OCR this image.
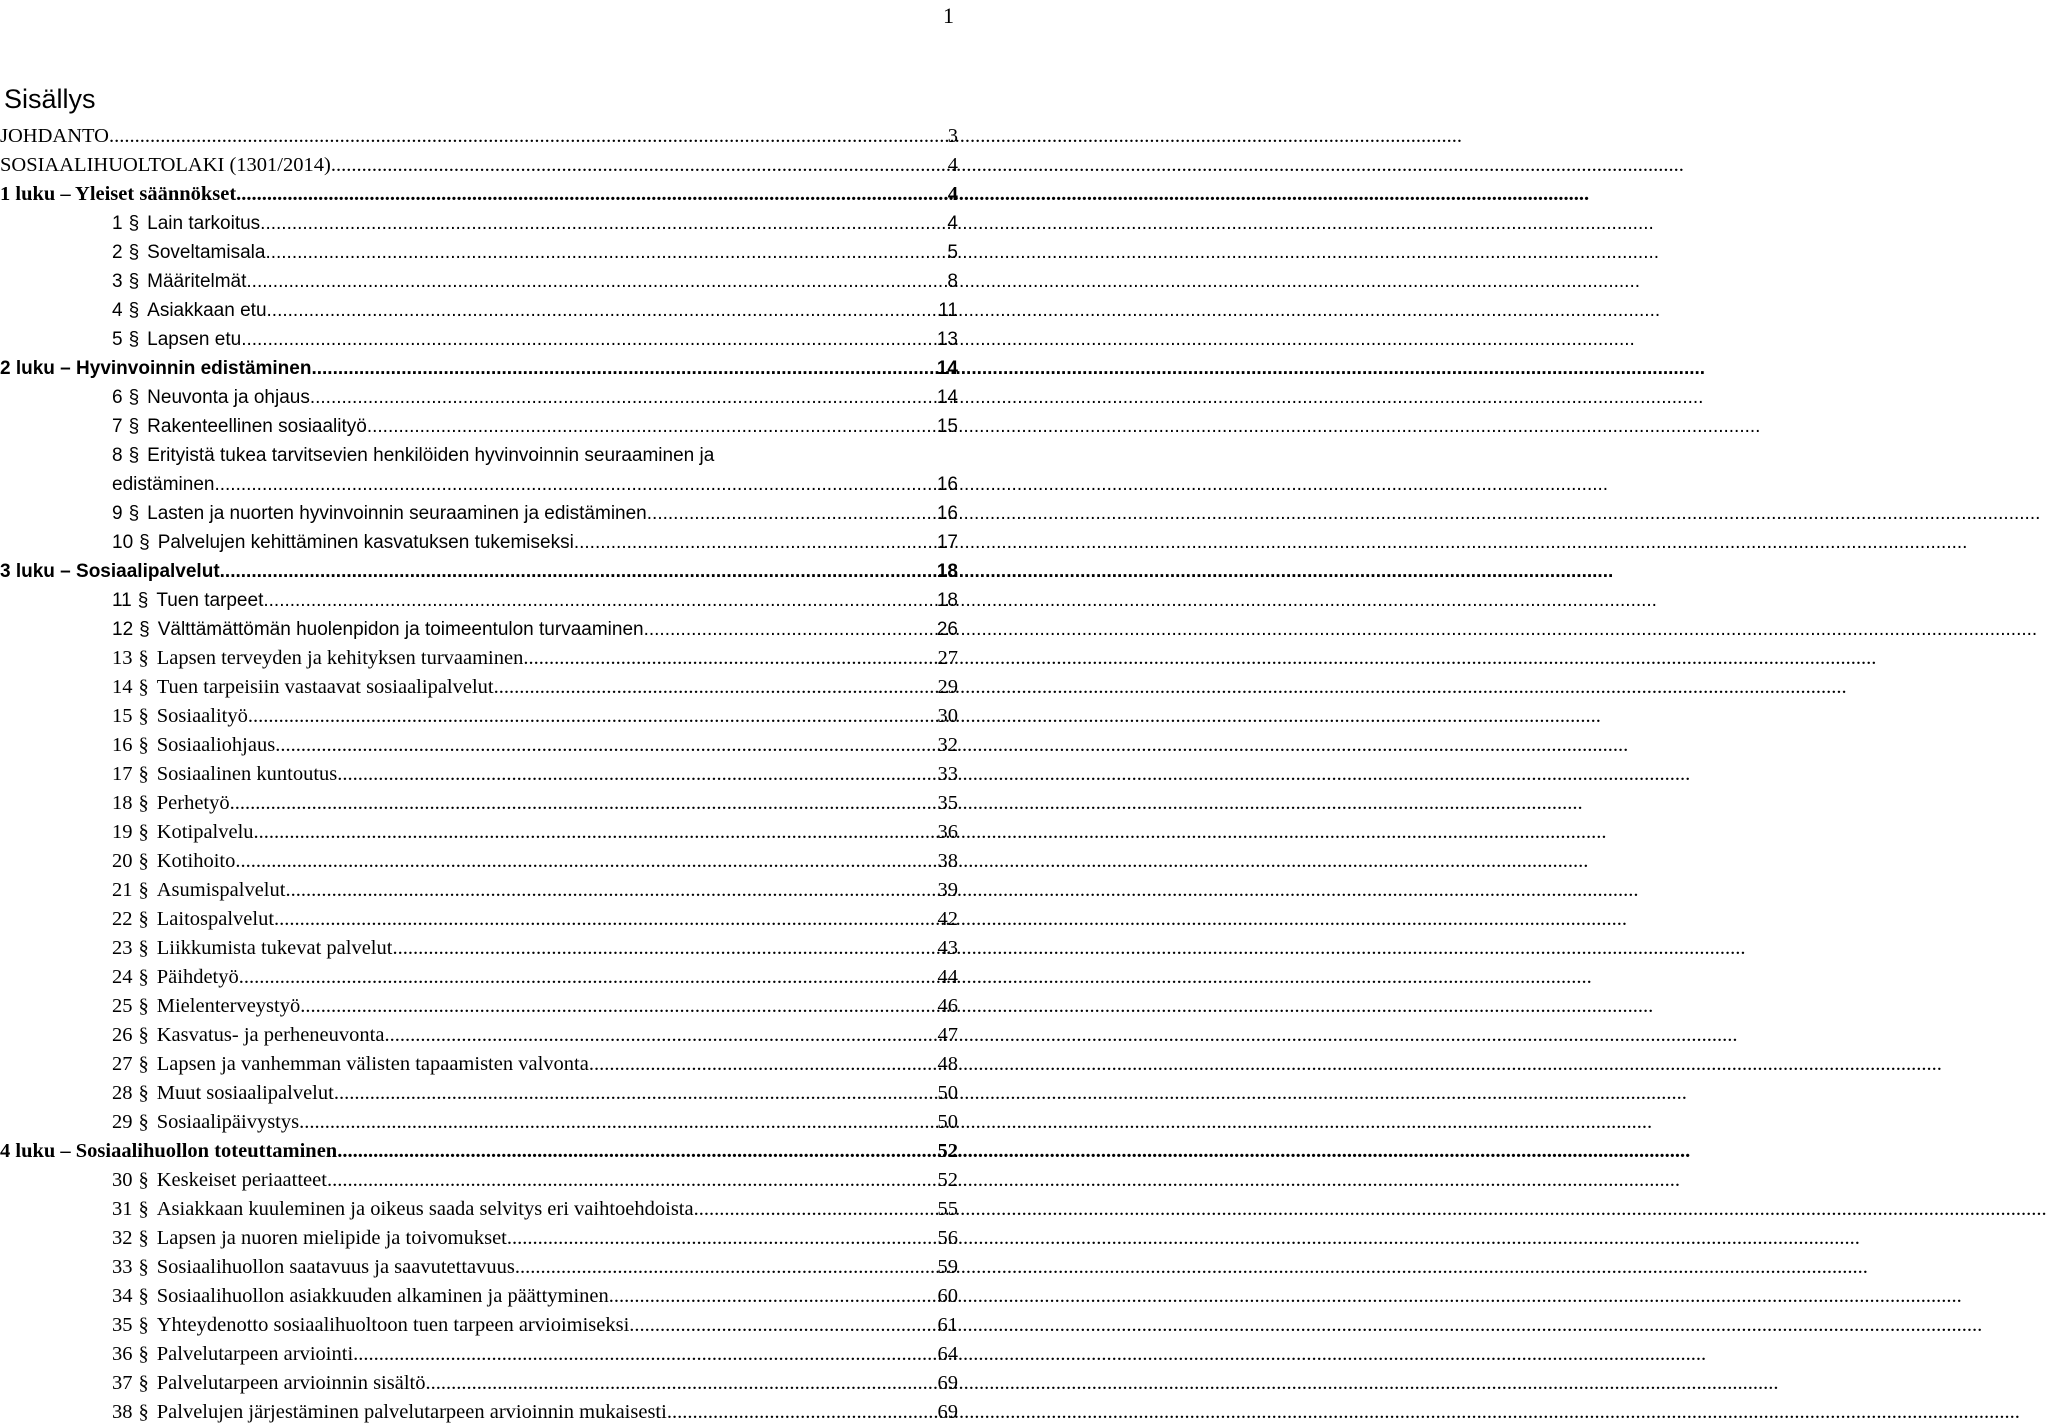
1
Sisällys
JOHDANTO .....	3
SOSIAALIHUOLTOLAKI (1301/2014) .....	4
1 luku – Yleiset säännökset .....	4
1 § Lain tarkoitus .....	4
2 § Soveltamisala .....	5
3 § Määritelmät .....	8
4 § Asiakkaan etu .....	11
5 § Lapsen etu .....	13
2 luku – Hyvinvoinnin edistäminen .....	14
6 § Neuvonta ja ohjaus .....	14
7 § Rakenteellinen sosiaalityö .....	15
8 § Erityistä tukea tarvitsevien henkilöiden hyvinvoinnin seuraaminen ja
edistäminen .....	16
9 § Lasten ja nuorten hyvinvoinnin seuraaminen ja edistäminen .....	16
10 § Palvelujen kehittäminen kasvatuksen tukemiseksi .....	17
3 luku – Sosiaalipalvelut .....	18
11 § Tuen tarpeet .....	18
12 § Välttämättömän huolenpidon ja toimeentulon turvaaminen .....	26
13 § Lapsen terveyden ja kehityksen turvaaminen .....	27
14 § Tuen tarpeisiin vastaavat sosiaalipalvelut .....	29
15 § Sosiaalityö .....	30
16 § Sosiaaliohjaus .....	32
17 § Sosiaalinen kuntoutus .....	33
18 § Perhetyö .....	35
19 § Kotipalvelu .....	36
20 § Kotihoito .....	38
21 § Asumispalvelut .....	39
22 § Laitospalvelut .....	42
23 § Liikkumista tukevat palvelut .....	43
24 § Päihdetyö .....	44
25 § Mielenterveystyö .....	46
26 § Kasvatus- ja perheneuvonta .....	47
27 § Lapsen ja vanhemman välisten tapaamisten valvonta .....	48
28 § Muut sosiaalipalvelut .....	50
29 § Sosiaalipäivystys .....	50
4 luku – Sosiaalihuollon toteuttaminen .....	52
30 § Keskeiset periaatteet .....	52
31 § Asiakkaan kuuleminen ja oikeus saada selvitys eri vaihtoehdoista .....	55
32 § Lapsen ja nuoren mielipide ja toivomukset .....	56
33 § Sosiaalihuollon saatavuus ja saavutettavuus .....	59
34 § Sosiaalihuollon asiakkuuden alkaminen ja päättyminen .....	60
35 § Yhteydenotto sosiaalihuoltoon tuen tarpeen arvioimiseksi .....	61
36 § Palvelutarpeen arviointi .....	64
37 § Palvelutarpeen arvioinnin sisältö .....	69
38 § Palvelujen järjestäminen palvelutarpeen arvioinnin mukaisesti .....	69
